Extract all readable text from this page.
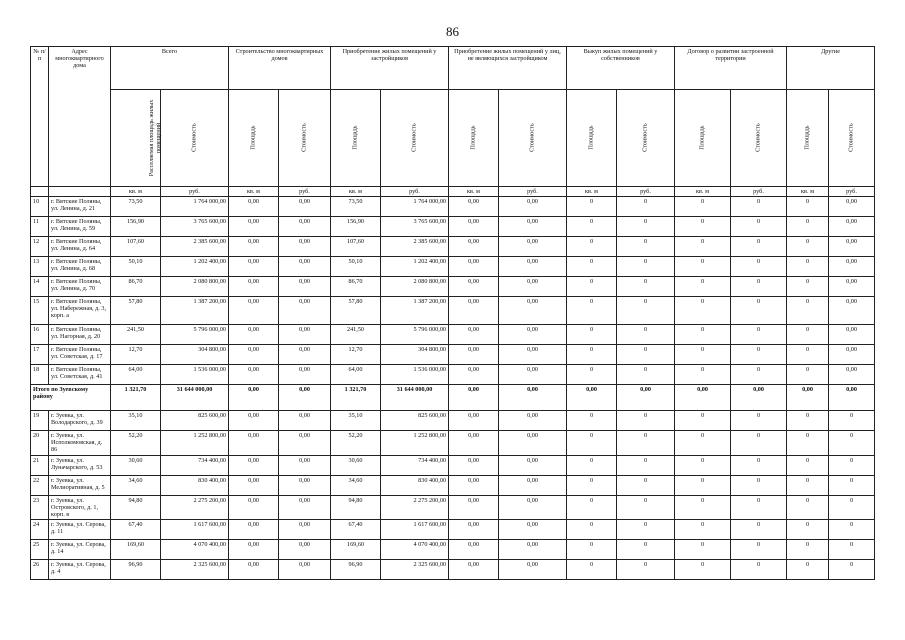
86
№ п/п	Адрес многоквартирного дома	Всего		Строительство многоквартирных домов		Приобретение жилых помещений у застройщиков		Приобретение жилых помещений у лиц, не являющихся застройщиком		Выкуп жилых помещений у собственников		Договор о развитии застроенной территории		Другие	
		Расселяемая площадь жилых помещений	Стоимость	Площадь	Стоимость	Площадь	Стоимость	Площадь	Стоимость	Площадь	Стоимость	Площадь	Стоимость	Площадь	Стоимость
		кв. м	руб.	кв. м	руб.	кв. м	руб.	кв. м	руб.	кв. м	руб.	кв. м	руб.	кв. м	руб.
10	г. Вятские Поляны, ул. Ленина, д. 21	73,50	1 764 000,00	0,00	0,00	73,50	1 764 000,00	0,00	0,00	0	0	0	0	0	0,00
11	г. Вятские Поляны, ул. Ленина, д. 59	156,90	3 765 600,00	0,00	0,00	156,90	3 765 600,00	0,00	0,00	0	0	0	0	0	0,00
12	г. Вятские Поляны, ул. Ленина, д. 64	107,60	2 385 600,00	0,00	0,00	107,60	2 385 600,00	0,00	0,00	0	0	0	0	0	0,00
13	г. Вятские Поляны, ул. Ленина, д. 68	50,10	1 202 400,00	0,00	0,00	50,10	1 202 400,00	0,00	0,00	0	0	0	0	0	0,00
14	г. Вятские Поляны, ул. Ленина, д. 70	86,70	2 080 800,00	0,00	0,00	86,70	2 080 800,00	0,00	0,00	0	0	0	0	0	0,00
15	г. Вятские Поляны, ул. Набережная, д. 3, корп. а	57,80	1 387 200,00	0,00	0,00	57,80	1 387 200,00	0,00	0,00	0	0	0	0	0	0,00
16	г. Вятские Поляны, ул. Нагорная, д. 20	241,50	5 796 000,00	0,00	0,00	241,50	5 796 000,00	0,00	0,00	0	0	0	0	0	0,00
17	г. Вятские Поляны, ул. Советская, д. 17	12,70	304 800,00	0,00	0,00	12,70	304 800,00	0,00	0,00	0	0	0	0	0	0,00
18	г. Вятские Поляны, ул. Советская, д. 41	64,00	1 536 000,00	0,00	0,00	64,00	1 536 000,00	0,00	0,00	0	0	0	0	0	0,00
Итого по Зуевскому району		1 321,70	31 644 000,00	0,00	0,00	1 321,70	31 644 000,00	0,00	0,00	0,00	0,00	0,00	0,00	0,00	0,00
19	г. Зуевка, ул. Володарского, д. 39	35,10	825 600,00	0,00	0,00	35,10	825 600,00	0,00	0,00	0	0	0	0	0	0
20	г. Зуевка, ул. Исполкомовская, д. 86	52,20	1 252 800,00	0,00	0,00	52,20	1 252 800,00	0,00	0,00	0	0	0	0	0	0
21	г. Зуевка, ул. Луначарского, д. 53	30,60	734 400,00	0,00	0,00	30,60	734 400,00	0,00	0,00	0	0	0	0	0	0
22	г. Зуевка, ул. Мелиоративная, д. 5	34,60	830 400,00	0,00	0,00	34,60	830 400,00	0,00	0,00	0	0	0	0	0	0
23	г. Зуевка, ул. Островского, д. 1, корп. в	94,80	2 275 200,00	0,00	0,00	94,80	2 275 200,00	0,00	0,00	0	0	0	0	0	0
24	г. Зуевка, ул. Серова, д. 11	67,40	1 617 600,00	0,00	0,00	67,40	1 617 600,00	0,00	0,00	0	0	0	0	0	0
25	г. Зуевка, ул. Серова, д. 14	169,60	4 070 400,00	0,00	0,00	169,60	4 070 400,00	0,00	0,00	0	0	0	0	0	0
26	г. Зуевка, ул. Серова, д. 4	96,90	2 325 600,00	0,00	0,00	96,90	2 325 600,00	0,00	0,00	0	0	0	0	0	0
